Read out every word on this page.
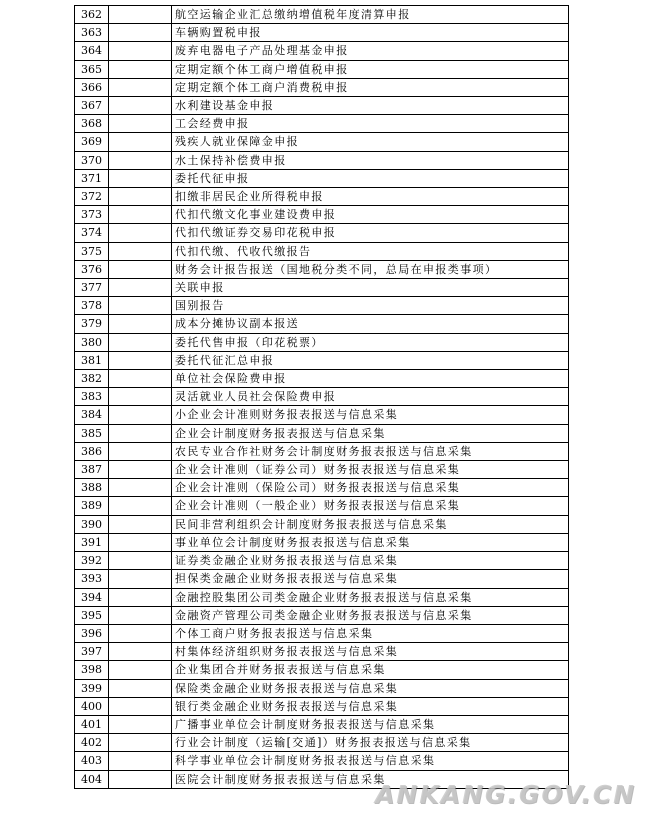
362		航空运输企业汇总缴纳增值税年度清算申报
363		车辆购置税申报
364		废弃电器电子产品处理基金申报
365		定期定额个体工商户增值税申报
366		定期定额个体工商户消费税申报
367		水利建设基金申报
368		工会经费申报
369		残疾人就业保障金申报
370		水土保持补偿费申报
371		委托代征申报
372		扣缴非居民企业所得税申报
373		代扣代缴文化事业建设费申报
374		代扣代缴证券交易印花税申报
375		代扣代缴、代收代缴报告
376		财务会计报告报送（国地税分类不同，总局在申报类事项）
377		关联申报
378		国别报告
379		成本分摊协议副本报送
380		委托代售申报（印花税票）
381		委托代征汇总申报
382		单位社会保险费申报
383		灵活就业人员社会保险费申报
384		小企业会计准则财务报表报送与信息采集
385		企业会计制度财务报表报送与信息采集
386		农民专业合作社财务会计制度财务报表报送与信息采集
387		企业会计准则（证券公司）财务报表报送与信息采集
388		企业会计准则（保险公司）财务报表报送与信息采集
389		企业会计准则（一般企业）财务报表报送与信息采集
390		民间非营利组织会计制度财务报表报送与信息采集
391		事业单位会计制度财务报表报送与信息采集
392		证券类金融企业财务报表报送与信息采集
393		担保类金融企业财务报表报送与信息采集
394		金融控股集团公司类金融企业财务报表报送与信息采集
395		金融资产管理公司类金融企业财务报表报送与信息采集
396		个体工商户财务报表报送与信息采集
397		村集体经济组织财务报表报送与信息采集
398		企业集团合并财务报表报送与信息采集
399		保险类金融企业财务报表报送与信息采集
400		银行类金融企业财务报表报送与信息采集
401		广播事业单位会计制度财务报表报送与信息采集
402		行业会计制度（运输[交通]）财务报表报送与信息采集
403		科学事业单位会计制度财务报表报送与信息采集
404		医院会计制度财务报表报送与信息采集
ANKANG.GOV.CN
